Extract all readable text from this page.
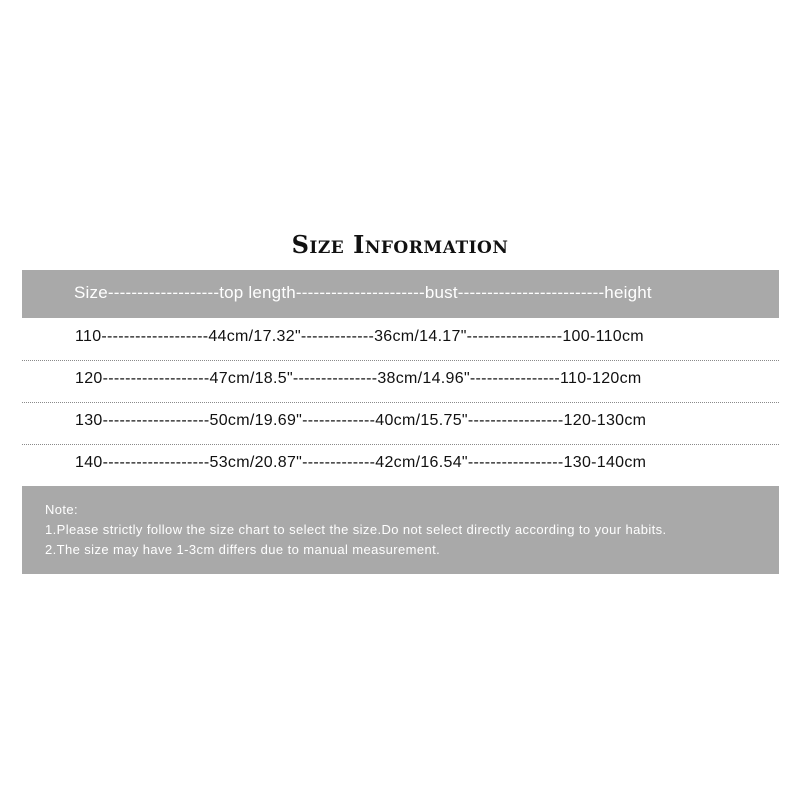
Size Information
Size-------------------top length----------------------bust-------------------------height
110-------------------44cm/17.32"-------------36cm/14.17"-----------------100-110cm
120-------------------47cm/18.5"---------------38cm/14.96"----------------110-120cm
130-------------------50cm/19.69"-------------40cm/15.75"-----------------120-130cm
140-------------------53cm/20.87"-------------42cm/16.54"-----------------130-140cm
Note:
1.Please strictly follow the size chart to select the size.Do not select directly according to your habits.
2.The size may have 1-3cm differs due to manual measurement.
